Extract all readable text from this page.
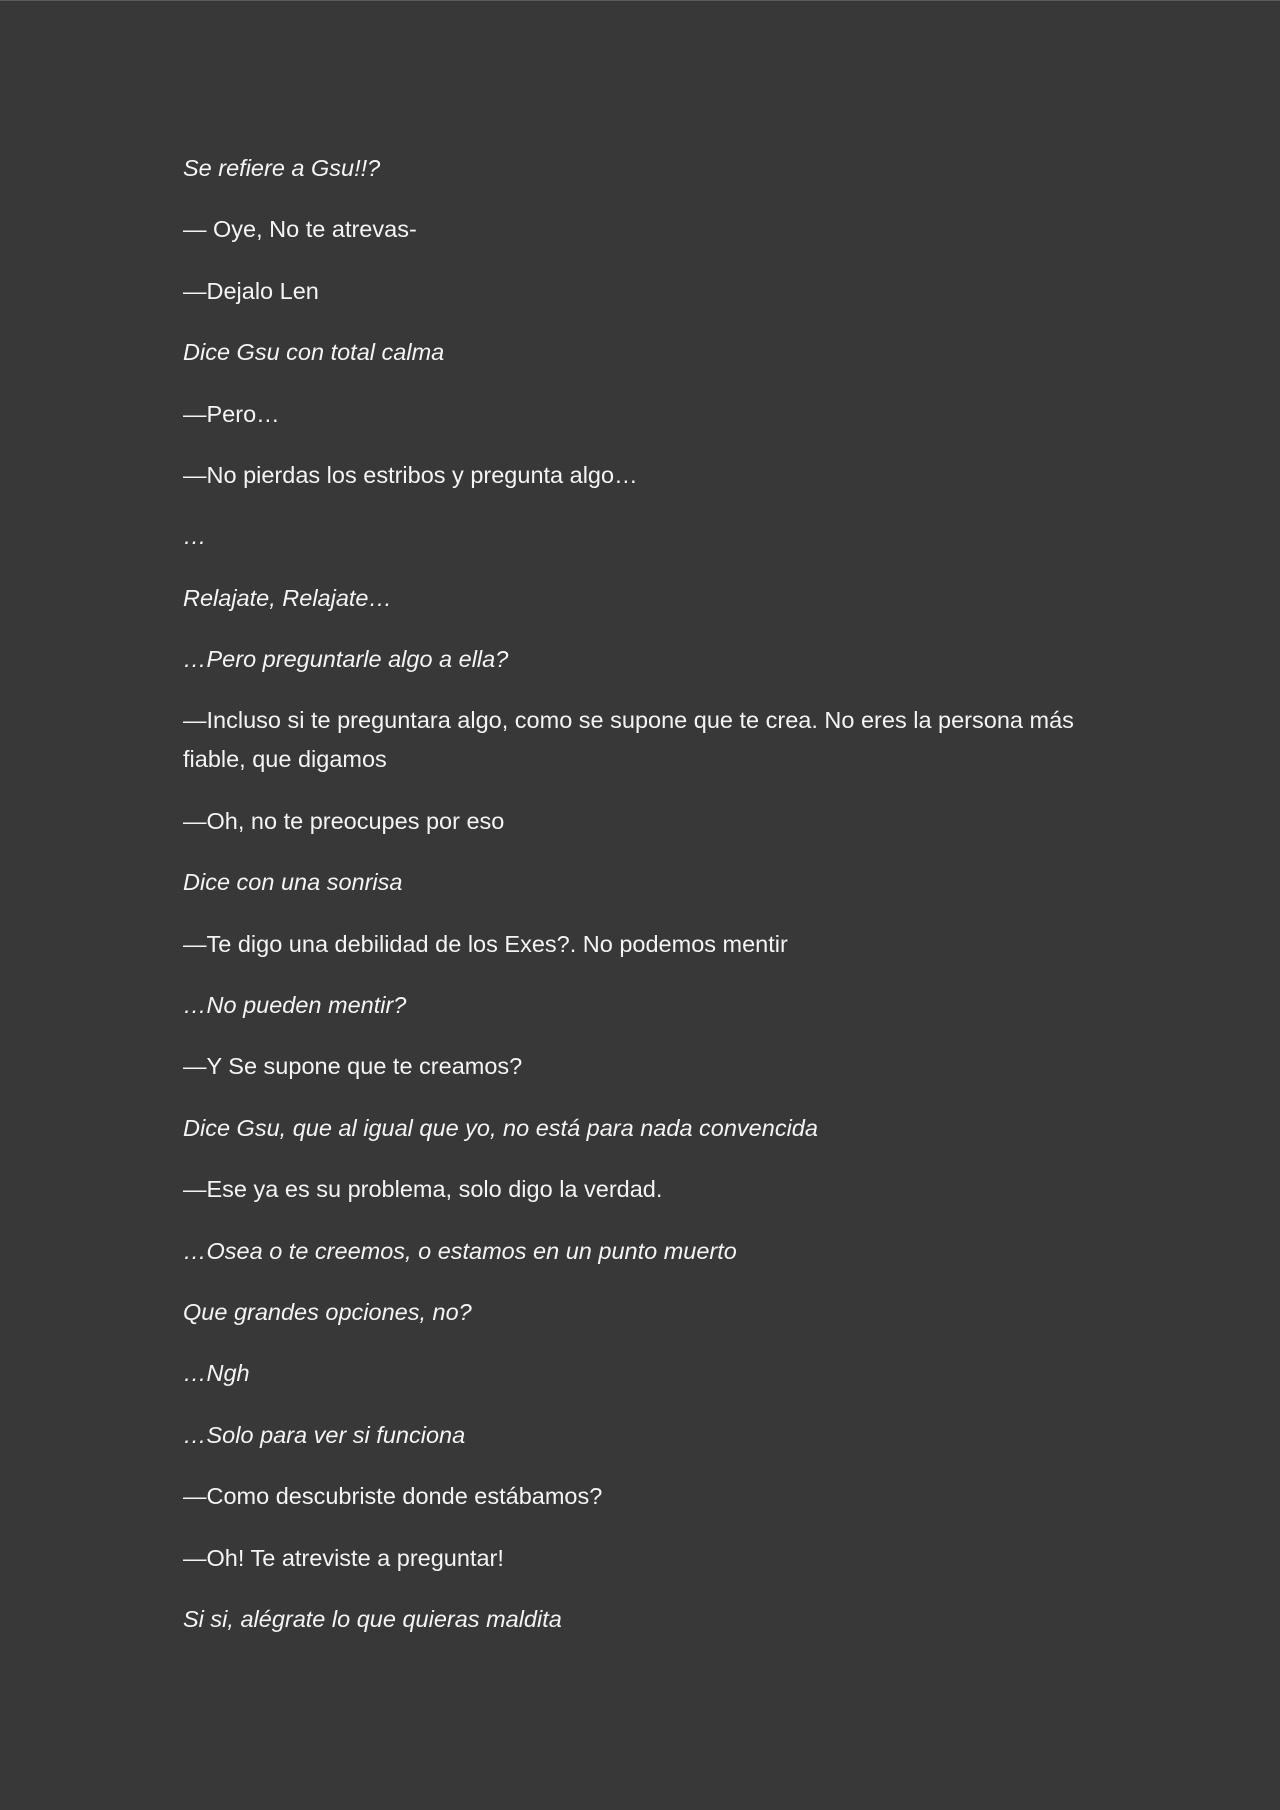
Se refiere a Gsu!!?

— Oye, No te atrevas-

—Dejalo Len

Dice Gsu con total calma

—Pero…

—No pierdas los estribos y pregunta algo…

…

Relajate, Relajate…

…Pero preguntarle algo a ella?

—Incluso si te preguntara algo, como se supone que te crea. No eres la persona más fiable, que digamos

—Oh, no te preocupes por eso

Dice con una sonrisa

—Te digo una debilidad de los Exes?. No podemos mentir

…No pueden mentir?

—Y Se supone que te creamos?

Dice Gsu, que al igual que yo, no está para nada convencida

—Ese ya es su problema, solo digo la verdad.

…Osea o te creemos, o estamos en un punto muerto

Que grandes opciones, no?

…Ngh

…Solo para ver si funciona

—Como descubriste donde estábamos?

—Oh! Te atreviste a preguntar!

Si si, alégrate lo que quieras maldita
